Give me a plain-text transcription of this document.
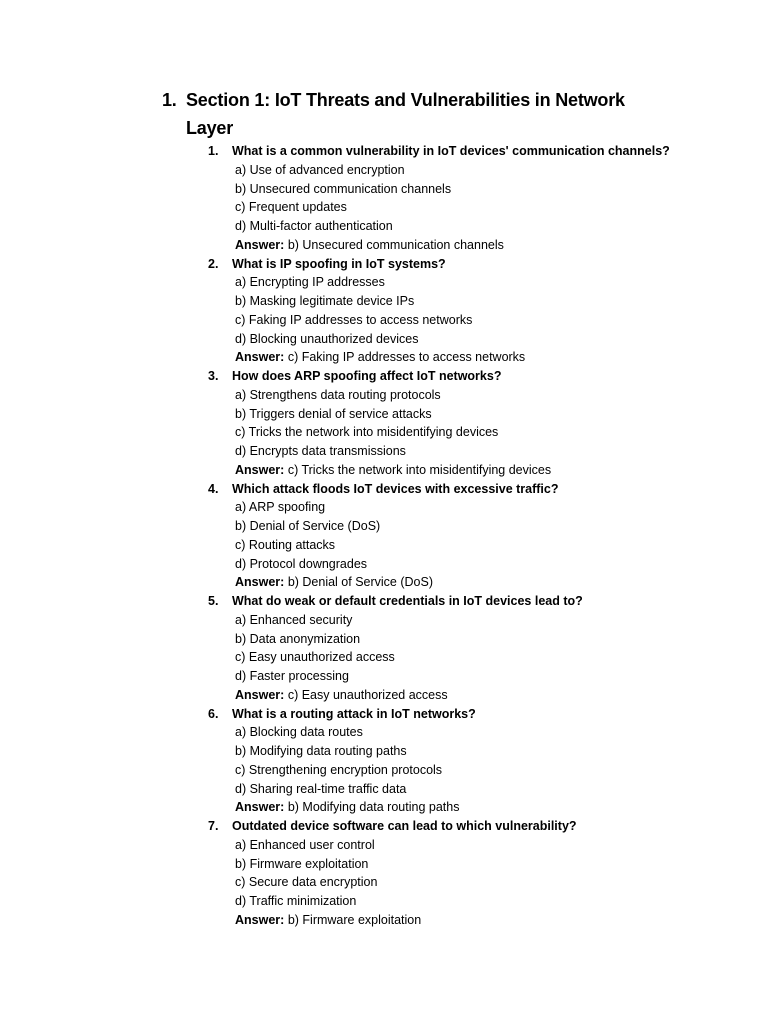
1. Section 1: IoT Threats and Vulnerabilities in Network Layer
1. What is a common vulnerability in IoT devices' communication channels?
a) Use of advanced encryption
b) Unsecured communication channels
c) Frequent updates
d) Multi-factor authentication
Answer: b) Unsecured communication channels
2. What is IP spoofing in IoT systems?
a) Encrypting IP addresses
b) Masking legitimate device IPs
c) Faking IP addresses to access networks
d) Blocking unauthorized devices
Answer: c) Faking IP addresses to access networks
3. How does ARP spoofing affect IoT networks?
a) Strengthens data routing protocols
b) Triggers denial of service attacks
c) Tricks the network into misidentifying devices
d) Encrypts data transmissions
Answer: c) Tricks the network into misidentifying devices
4. Which attack floods IoT devices with excessive traffic?
a) ARP spoofing
b) Denial of Service (DoS)
c) Routing attacks
d) Protocol downgrades
Answer: b) Denial of Service (DoS)
5. What do weak or default credentials in IoT devices lead to?
a) Enhanced security
b) Data anonymization
c) Easy unauthorized access
d) Faster processing
Answer: c) Easy unauthorized access
6. What is a routing attack in IoT networks?
a) Blocking data routes
b) Modifying data routing paths
c) Strengthening encryption protocols
d) Sharing real-time traffic data
Answer: b) Modifying data routing paths
7. Outdated device software can lead to which vulnerability?
a) Enhanced user control
b) Firmware exploitation
c) Secure data encryption
d) Traffic minimization
Answer: b) Firmware exploitation
